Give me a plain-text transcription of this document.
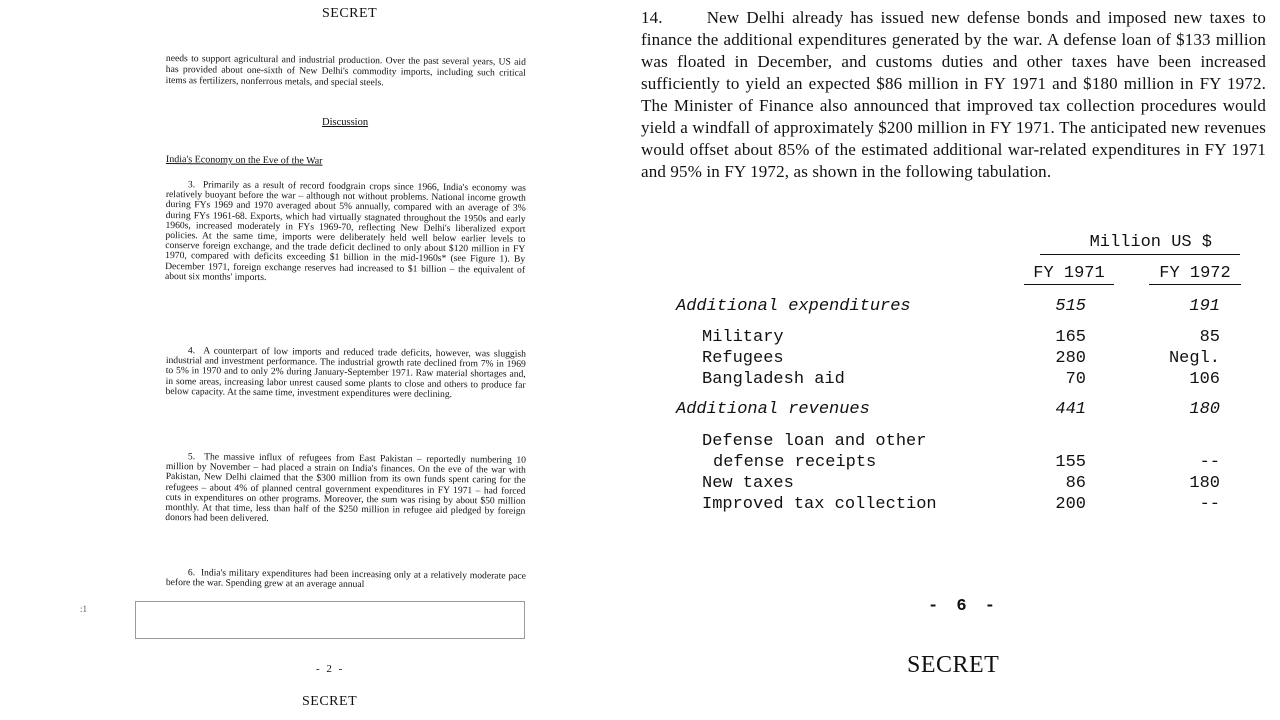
SECRET
needs to support agricultural and industrial production. Over the past several years, US aid has provided about one-sixth of New Delhi's commodity imports, including such critical items as fertilizers, nonferrous metals, and special steels.
Discussion
India's Economy on the Eve of the War
3. Primarily as a result of record foodgrain crops since 1966, India's economy was relatively buoyant before the war – although not without problems. National income growth during FYs 1969 and 1970 averaged about 5% annually, compared with an average of 3% during FYs 1961-68. Exports, which had virtually stagnated throughout the 1950s and early 1960s, increased moderately in FYs 1969-70, reflecting New Delhi's liberalized export policies. At the same time, imports were deliberately held well below earlier levels to conserve foreign exchange, and the trade deficit declined to only about $120 million in FY 1970, compared with deficits exceeding $1 billion in the mid-1960s* (see Figure 1). By December 1971, foreign exchange reserves had increased to $1 billion – the equivalent of about six months' imports.
4. A counterpart of low imports and reduced trade deficits, however, was sluggish industrial and investment performance. The industrial growth rate declined from 7% in 1969 to 5% in 1970 and to only 2% during January-September 1971. Raw material shortages and, in some areas, increasing labor unrest caused some plants to close and others to produce far below capacity. At the same time, investment expenditures were declining.
5. The massive influx of refugees from East Pakistan – reportedly numbering 10 million by November – had placed a strain on India's finances. On the eve of the war with Pakistan, New Delhi claimed that the $300 million from its own funds spent caring for the refugees – about 4% of planned central government expenditures in FY 1971 – had forced cuts in expenditures on other programs. Moreover, the sum was rising by about $50 million monthly. At that time, less than half of the $250 million in refugee aid pledged by foreign donors had been delivered.
6. India's military expenditures had been increasing only at a relatively moderate pace before the war. Spending grew at an average annual
- 2 -
SECRET
:1
14.	New Delhi already has issued new defense bonds and imposed new taxes to finance the additional expenditures generated by the war. A defense loan of $133 million was floated in December, and customs duties and other taxes have been increased sufficiently to yield an expected $86 million in FY 1971 and $180 million in FY 1972. The Minister of Finance also announced that improved tax collection procedures would yield a windfall of approximately $200 million in FY 1971. The anticipated new revenues would offset about 85% of the estimated additional war-related expenditures in FY 1971 and 95% in FY 1972, as shown in the following tabulation.
Million US $
FY 1971	FY 1972
Additional expenditures	515	191
Military	165	85
Refugees	280	Negl.
Bangladesh aid	70	106
Additional revenues	441	180
Defense loan and other
defense receipts	155	--
New taxes	86	180
Improved tax collection	200	--
- 6 -
SECRET
